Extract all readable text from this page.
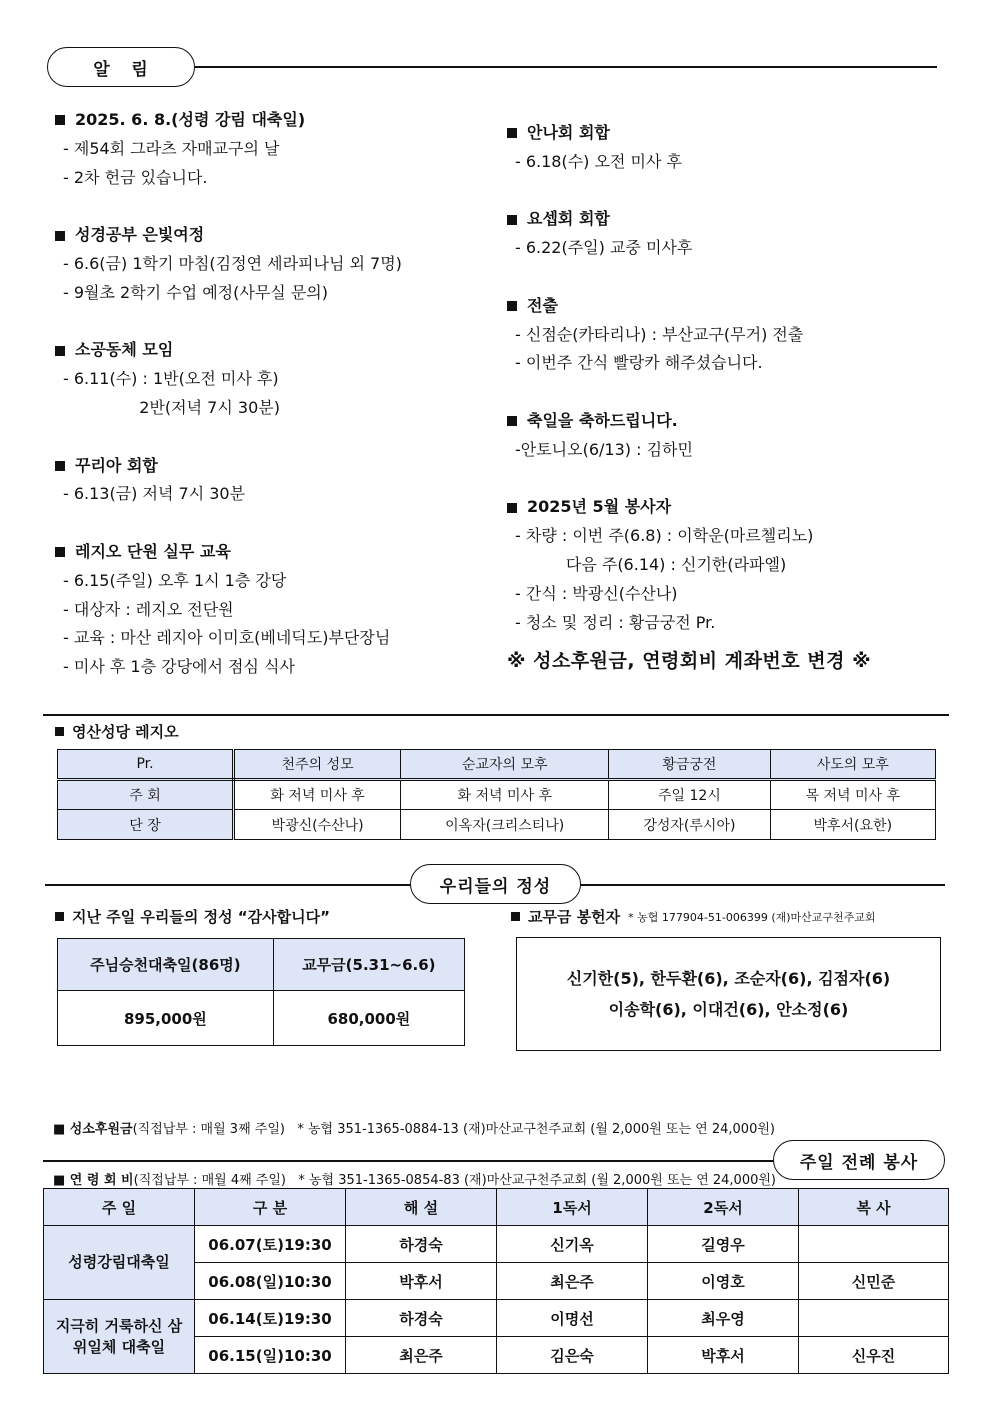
알   림
2025. 6. 8.(성령 강림 대축일)
- 제54회 그라츠 자매교구의 날
- 2차 헌금 있습니다.
성경공부 은빛여정
- 6.6(금) 1학기 마침(김정연 세라피나님 외 7명)
- 9월초 2학기 수업 예정(사무실 문의)
소공동체 모임
- 6.11(수) : 1반(오전 미사 후)
2반(저녁 7시 30분)
꾸리아 회합
- 6.13(금) 저녁 7시 30분
레지오 단원 실무 교육
- 6.15(주일) 오후 1시 1층 강당
- 대상자 : 레지오 전단원
- 교육 : 마산 레지아 이미호(베네딕도)부단장님
- 미사 후 1층 강당에서 점심 식사
안나회 회합
- 6.18(수) 오전 미사 후
요셉회 회합
- 6.22(주일) 교중 미사후
전출
- 신점순(카타리나) : 부산교구(무거) 전출
- 이번주 간식 빨랑카 해주셨습니다.
축일을 축하드립니다.
-안토니오(6/13) : 김하민
2025년 5월 봉사자
- 차량 : 이번 주(6.8) : 이학운(마르첼리노)
다음 주(6.14) : 신기한(라파엘)
- 간식 : 박광신(수산나)
- 청소 및 정리 : 황금궁전 Pr.
※ 성소후원금, 연령회비 계좌번호 변경 ※
영산성당 레지오
Pr.	천주의 성모	순교자의 모후	황금궁전	사도의 모후
주 회	화 저녁 미사 후	화 저녁 미사 후	주일 12시	목 저녁 미사 후
단 장	박광신(수산나)	이옥자(크리스티나)	강성자(루시아)	박후서(요한)
우리들의 정성
지난 주일 우리들의 정성 “감사합니다”
주님승천대축일(86명)	교무금(5.31~6.6)
895,000원	680,000원
교무금 봉헌자 * 농협 177904-51-006399 (재)마산교구천주교회
신기한(5), 한두환(6), 조순자(6), 김점자(6)
이송학(6), 이대건(6), 안소정(6)

■ 성소후원금(직접납부 : 매월 3째 주일)   * 농협 351-1365-0884-13 (재)마산교구천주교회 (월 2,000원 또는 연 24,000원)

■ 연 령 회 비(직접납부 : 매월 4째 주일)   * 농협 351-1365-0854-83 (재)마산교구천주교회 (월 2,000원 또는 연 24,000원)

주일 전례 봉사
주 일	구 분	해 설	1독서	2독서	복 사
성령강림대축일	06.07(토)19:30	하경숙	신기옥	길영우	
	06.08(일)10:30	박후서	최은주	이영호	신민준
지극히 거룩하신 삼위일체 대축일	06.14(토)19:30	하경숙	이명선	최우영	
	06.15(일)10:30	최은주	김은숙	박후서	신우진
